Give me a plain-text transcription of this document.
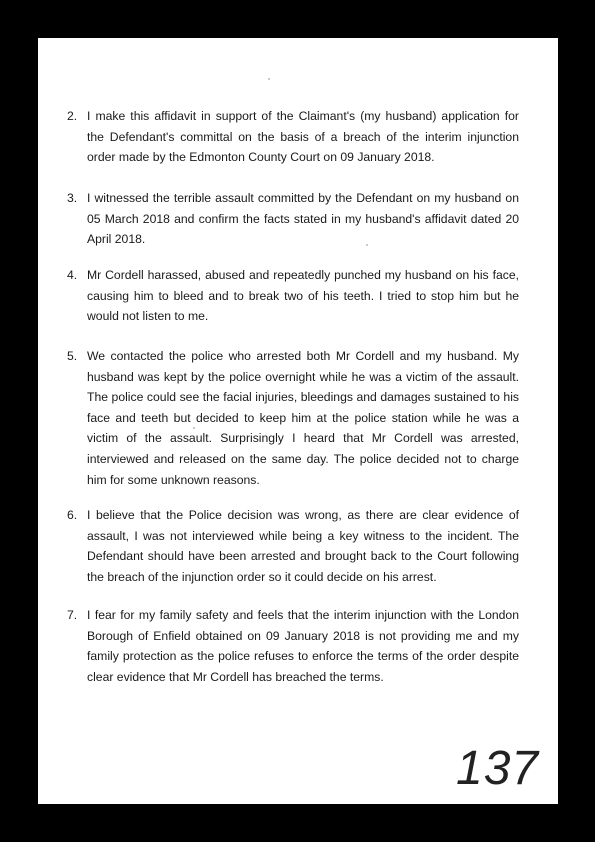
2. I make this affidavit in support of the Claimant's (my husband) application for the Defendant's committal on the basis of a breach of the interim injunction order made by the Edmonton County Court on 09 January 2018.
3. I witnessed the terrible assault committed by the Defendant on my husband on 05 March 2018 and confirm the facts stated in my husband's affidavit dated 20 April 2018.
4. Mr Cordell harassed, abused and repeatedly punched my husband on his face, causing him to bleed and to break two of his teeth. I tried to stop him but he would not listen to me.
5. We contacted the police who arrested both Mr Cordell and my husband. My husband was kept by the police overnight while he was a victim of the assault. The police could see the facial injuries, bleedings and damages sustained to his face and teeth but decided to keep him at the police station while he was a victim of the assault. Surprisingly I heard that Mr Cordell was arrested, interviewed and released on the same day. The police decided not to charge him for some unknown reasons.
6. I believe that the Police decision was wrong, as there are clear evidence of assault, I was not interviewed while being a key witness to the incident. The Defendant should have been arrested and brought back to the Court following the breach of the injunction order so it could decide on his arrest.
7. I fear for my family safety and feels that the interim injunction with the London Borough of Enfield obtained on 09 January 2018 is not providing me and my family protection as the police refuses to enforce the terms of the order despite clear evidence that Mr Cordell has breached the terms.
137
